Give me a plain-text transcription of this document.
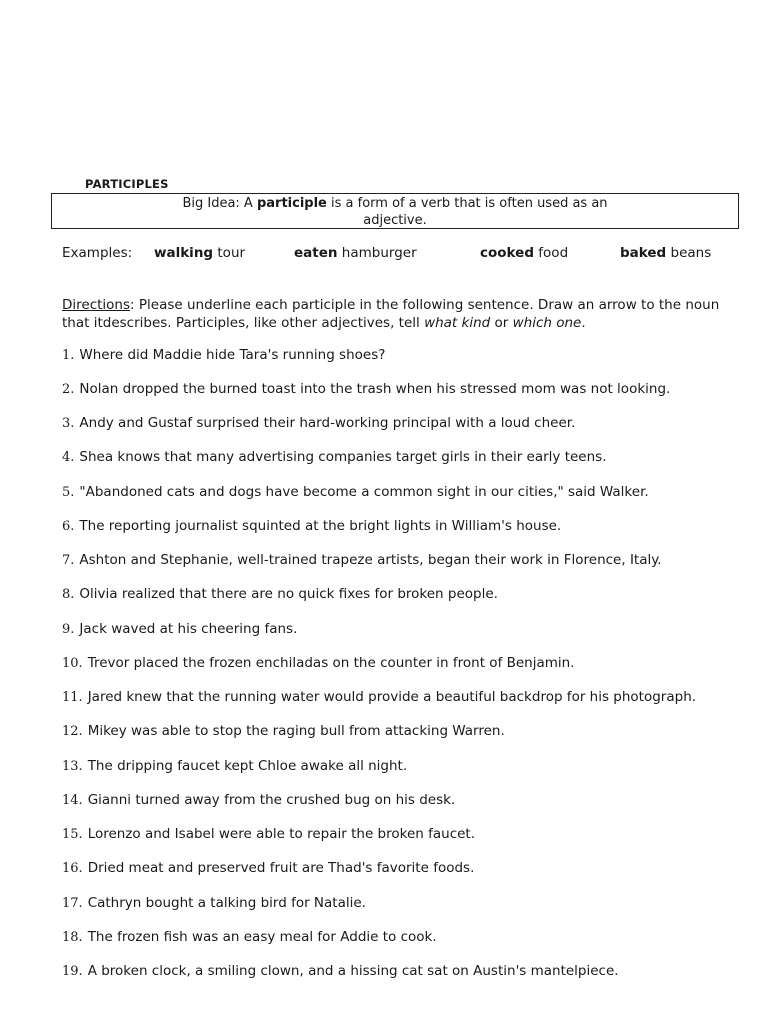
PARTICIPLES
Big Idea: A participle is a form of a verb that is often used as an adjective.
Examples: walking tour	eaten hamburger	cooked food	baked beans
Directions: Please underline each participle in the following sentence. Draw an arrow to the noun that itdescribes. Participles, like other adjectives, tell what kind or which one.
1. Where did Maddie hide Tara's running shoes?
2. Nolan dropped the burned toast into the trash when his stressed mom was not looking.
3. Andy and Gustaf surprised their hard-working principal with a loud cheer.
4. Shea knows that many advertising companies target girls in their early teens.
5. "Abandoned cats and dogs have become a common sight in our cities," said Walker.
6. The reporting journalist squinted at the bright lights in William's house.
7. Ashton and Stephanie, well-trained trapeze artists, began their work in Florence, Italy.
8. Olivia realized that there are no quick fixes for broken people.
9. Jack waved at his cheering fans.
10. Trevor placed the frozen enchiladas on the counter in front of Benjamin.
11. Jared knew that the running water would provide a beautiful backdrop for his photograph.
12. Mikey was able to stop the raging bull from attacking Warren.
13. The dripping faucet kept Chloe awake all night.
14. Gianni turned away from the crushed bug on his desk.
15. Lorenzo and Isabel were able to repair the broken faucet.
16. Dried meat and preserved fruit are Thad's favorite foods.
17. Cathryn bought a talking bird for Natalie.
18. The frozen fish was an easy meal for Addie to cook.
19. A broken clock, a smiling clown, and a hissing cat sat on Austin's mantelpiece.
